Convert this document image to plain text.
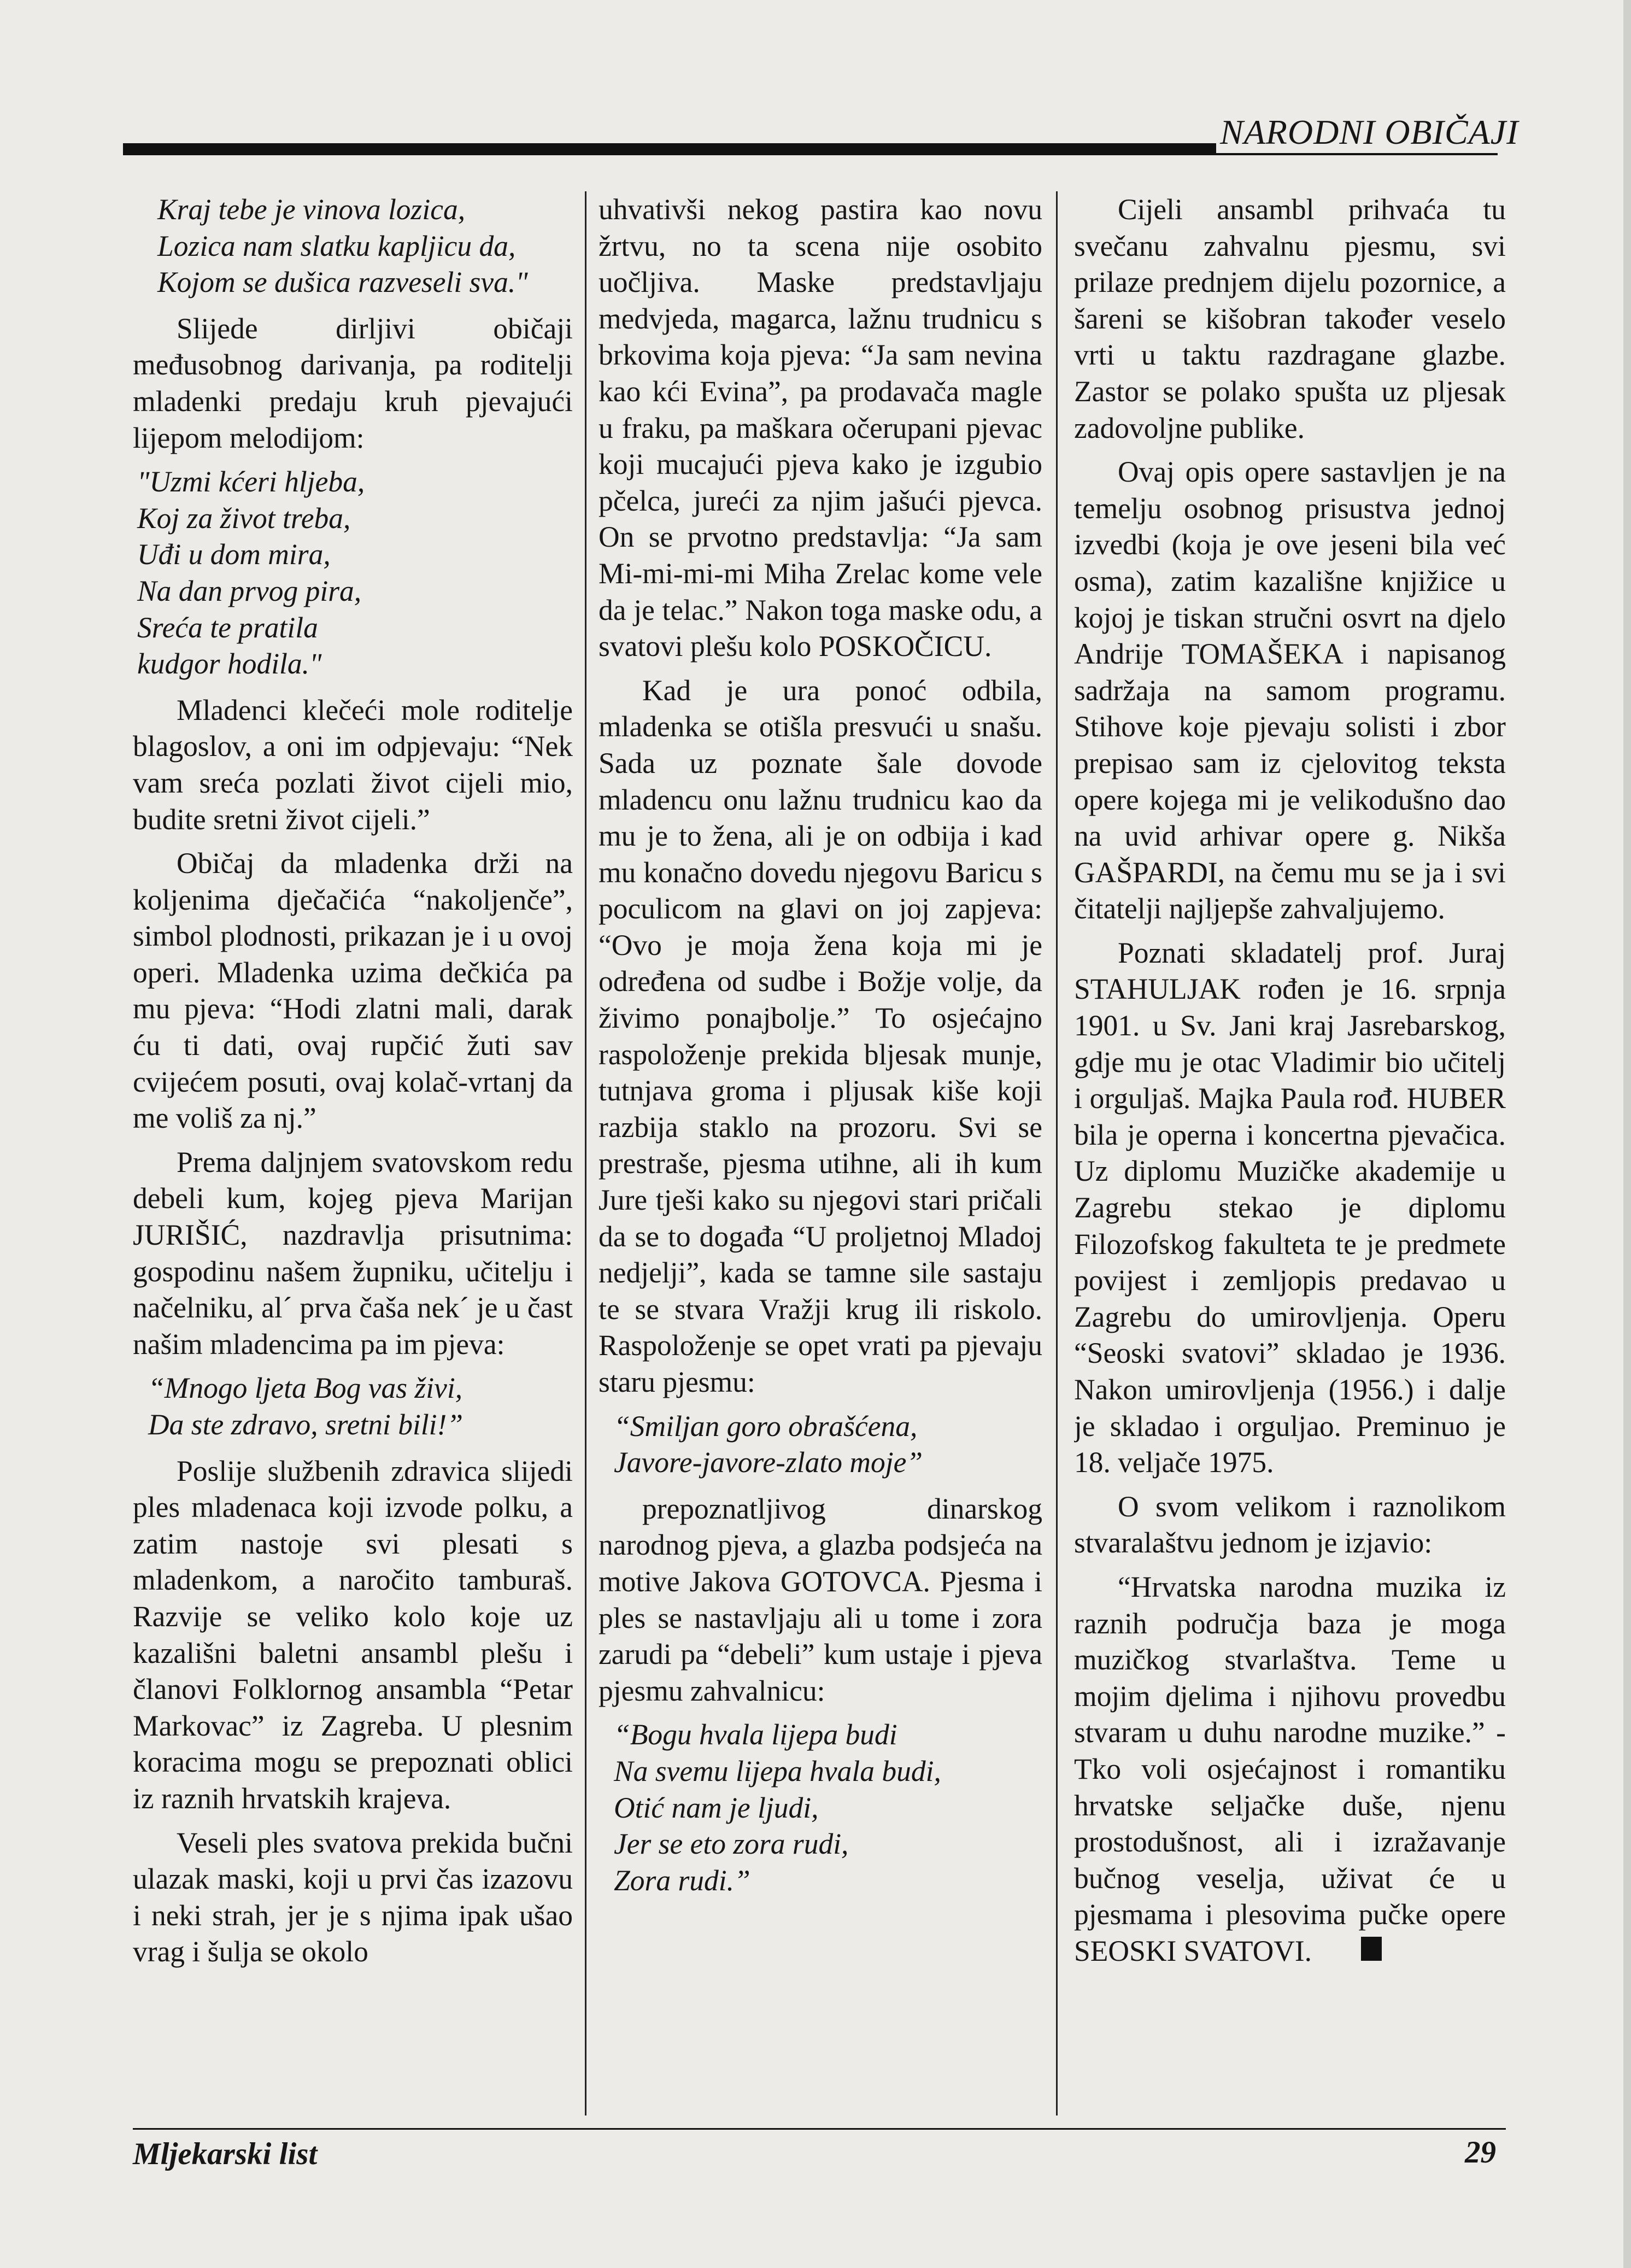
NARODNI OBIČAJI
Kraj tebe je vinova lozica,
Lozica nam slatku kapljicu da,
Kojom se dušica razveseli sva."

Slijede dirljivi običaji međusobnog darivanja, pa roditelji mladenki predaju kruh pjevajući lijepom melodijom:

"Uzmi kćeri hljeba,
Koj za život treba,
Uđi u dom mira,
Na dan prvog pira,
Sreća te pratila
kudgor hodila."

Mladenci klečeći mole roditelje blagoslov, a oni im odpjevaju: “Nek vam sreća pozlati život cijeli mio, budite sretni život cijeli.”

Običaj da mladenka drži na koljenima dječačića “nakoljenče”, simbol plodnosti, prikazan je i u ovoj operi. Mladenka uzima dečkića pa mu pjeva: “Hodi zlatni mali, darak ću ti dati, ovaj rupčić žuti sav cvijećem posuti, ovaj kolač-vrtanj da me voliš za nj.”

Prema daljnjem svatovskom redu debeli kum, kojeg pjeva Marijan JURIŠIĆ, nazdravlja prisutnima: gospodinu našem župniku, učitelju i načelniku, al´ prva čaša nek´ je u čast našim mladencima pa im pjeva:

“Mnogo ljeta Bog vas živi,
Da ste zdravo, sretni bili!”

Poslije službenih zdravica slijedi ples mladenaca koji izvode polku, a zatim nastoje svi plesati s mladenkom, a naročito tamburaš. Razvije se veliko kolo koje uz kazališni baletni ansambl plešu i članovi Folklornog ansambla “Petar Markovac” iz Zagreba. U plesnim koracima mogu se prepoznati oblici iz raznih hrvatskih krajeva.

Veseli ples svatova prekida bučni ulazak maski, koji u prvi čas izazovu i neki strah, jer je s njima ipak ušao vrag i šulja se okolo

uhvativši nekog pastira kao novu žrtvu, no ta scena nije osobito uočljiva. Maske predstavljaju medvjeda, magarca, lažnu trudnicu s brkovima koja pjeva: “Ja sam nevina kao kći Evina”, pa prodavača magle u fraku, pa maškara očerupani pjevac koji mucajući pjeva kako je izgubio pčelca, jureći za njim jašući pjevca. On se prvotno predstavlja: “Ja sam Mi-mi-mi-mi Miha Zrelac kome vele da je telac.” Nakon toga maske odu, a svatovi plešu kolo POSKOČICU.

Kad je ura ponoć odbila, mladenka se otišla presvući u snašu. Sada uz poznate šale dovode mladencu onu lažnu trudnicu kao da mu je to žena, ali je on odbija i kad mu konačno dovedu njegovu Baricu s poculicom na glavi on joj zapjeva: “Ovo je moja žena koja mi je određena od sudbe i Božje volje, da živimo ponajbolje.” To osjećajno raspoloženje prekida bljesak munje, tutnjava groma i pljusak kiše koji razbija staklo na prozoru. Svi se prestraše, pjesma utihne, ali ih kum Jure tješi kako su njegovi stari pričali da se to događa “U proljetnoj Mladoj nedjelji”, kada se tamne sile sastaju te se stvara Vražji krug ili riskolo. Raspoloženje se opet vrati pa pjevaju staru pjesmu:

“Smiljan goro obrašćena,
Javore-javore-zlato moje”

prepoznatljivog dinarskog narodnog pjeva, a glazba podsjeća na motive Jakova GOTOVCA. Pjesma i ples se nastavljaju ali u tome i zora zarudi pa “debeli” kum ustaje i pjeva pjesmu zahvalnicu:

“Bogu hvala lijepa budi
Na svemu lijepa hvala budi,
Otić nam je ljudi,
Jer se eto zora rudi,
Zora rudi.”

Cijeli ansambl prihvaća tu svečanu zahvalnu pjesmu, svi prilaze prednjem dijelu pozornice, a šareni se kišobran također veselo vrti u taktu razdragane glazbe. Zastor se polako spušta uz pljesak zadovoljne publike.

Ovaj opis opere sastavljen je na temelju osobnog prisustva jednoj izvedbi (koja je ove jeseni bila već osma), zatim kazališne knjižice u kojoj je tiskan stručni osvrt na djelo Andrije TOMAŠEKA i napisanog sadržaja na samom programu. Stihove koje pjevaju solisti i zbor prepisao sam iz cjelovitog teksta opere kojega mi je velikodušno dao na uvid arhivar opere g. Nikša GAŠPARDI, na čemu mu se ja i svi čitatelji najljepše zahvaljujemo.

Poznati skladatelj prof. Juraj STAHULJAK rođen je 16. srpnja 1901. u Sv. Jani kraj Jasrebarskog, gdje mu je otac Vladimir bio učitelj i orguljaš. Majka Paula rođ. HUBER bila je operna i koncertna pjevačica. Uz diplomu Muzičke akademije u Zagrebu stekao je diplomu Filozofskog fakulteta te je predmete povijest i zemljopis predavao u Zagrebu do umirovljenja. Operu “Seoski svatovi” skladao je 1936. Nakon umirovljenja (1956.) i dalje je skladao i orguljao. Preminuo je 18. veljače 1975.

O svom velikom i raznolikom stvaralaštvu jednom je izjavio:

“Hrvatska narodna muzika iz raznih područja baza je moga muzičkog stvarlaštva. Teme u mojim djelima i njihovu provedbu stvaram u duhu narodne muzike.” - Tko voli osjećajnost i romantiku hrvatske seljačke duše, njenu prostodušnost, ali i izražavanje bučnog veselja, uživat će u pjesmama i plesovima pučke opere SEOSKI SVATOVI.

Mljekarski list	29
